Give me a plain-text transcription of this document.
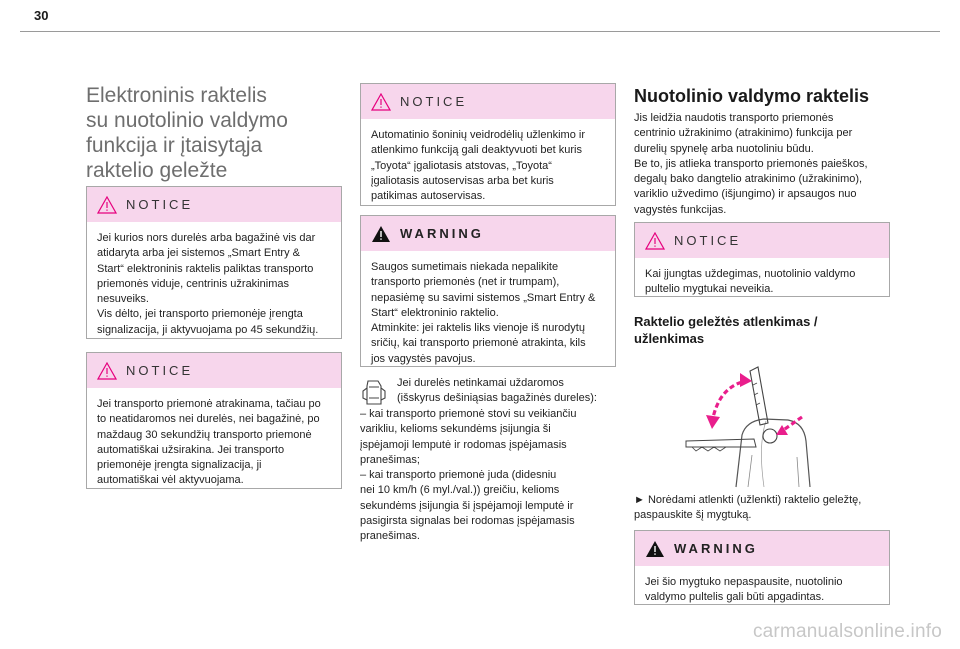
30
Elektroninis raktelis
su nuotolinio valdymo
funkcija ir įtaisytąja
raktelio geležte
NOTICE
Jei kurios nors durelės arba bagažinė vis dar
atidaryta arba jei sistemos „Smart Entry &
Start“ elektroninis raktelis paliktas transporto
priemonės viduje, centrinis užrakinimas
nesuveiks.
Vis dėlto, jei transporto priemonėje įrengta
signalizacija, ji aktyvuojama po 45 sekundžių.
NOTICE
Jei transporto priemonė atrakinama, tačiau po
to neatidaromos nei durelės, nei bagažinė, po
maždaug 30 sekundžių transporto priemonė
automatiškai užsirakina. Jei transporto
priemonėje įrengta signalizacija, ji
automatiškai vėl aktyvuojama.
NOTICE
Automatinio šoninių veidrodėlių užlenkimo ir
atlenkimo funkciją gali deaktyvuoti bet kuris
„Toyota“ įgaliotasis atstovas, „Toyota“
įgaliotasis autoservisas arba bet kuris
patikimas autoservisas.
WARNING
Saugos sumetimais niekada nepalikite
transporto priemonės (net ir trumpam),
nepasiėmę su savimi sistemos „Smart Entry &
Start“ elektroninio raktelio.
Atminkite: jei raktelis liks vienoje iš nurodytų
sričių, kai transporto priemonė atrakinta, kils
jos vagystės pavojus.
Jei durelės netinkamai uždaromos
(išskyrus dešiniąsias bagažinės dureles):
– kai transporto priemonė stovi su veikiančiu
varikliu, kelioms sekundėms įsijungia ši
įspėjamoji lemputė ir rodomas įspėjamasis
pranešimas;
– kai transporto priemonė juda (didesniu
nei 10 km/h (6 myl./val.)) greičiu, kelioms
sekundėms įsijungia ši įspėjamoji lemputė ir
pasigirsta signalas bei rodomas įspėjamasis
pranešimas.
Nuotolinio valdymo raktelis
Jis leidžia naudotis transporto priemonės
centrinio užrakinimo (atrakinimo) funkcija per
durelių spynelę arba nuotoliniu būdu.
Be to, jis atlieka transporto priemonės paieškos,
degalų bako dangtelio atrakinimo (užrakinimo),
variklio užvedimo (išjungimo) ir apsaugos nuo
vagystės funkcijas.
NOTICE
Kai įjungtas uždegimas, nuotolinio valdymo
pultelio mygtukai neveikia.
Raktelio geležtės atlenkimas /
užlenkimas
► Norėdami atlenkti (užlenkti) raktelio geležtę,
paspauskite šį mygtuką.
WARNING
Jei šio mygtuko nepaspausite, nuotolinio
valdymo pultelis gali būti apgadintas.
carmanualsonline.info
